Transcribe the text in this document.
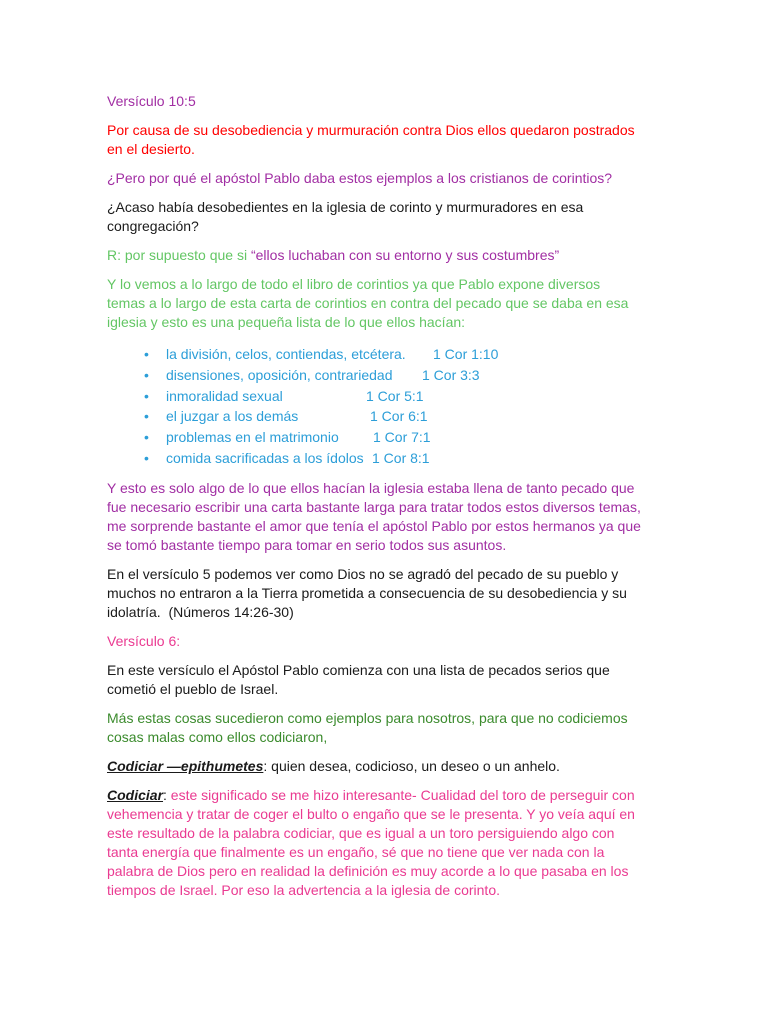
Versículo 10:5
Por causa de su desobediencia y murmuración contra Dios ellos quedaron postrados
en el desierto.
¿Pero por qué el apóstol Pablo daba estos ejemplos a los cristianos de corintios?
¿Acaso había desobedientes en la iglesia de corinto y murmuradores en esa
congregación?
R: por supuesto que si “ellos luchaban con su entorno y sus costumbres”
Y lo vemos a lo largo de todo el libro de corintios ya que Pablo expone diversos
temas a lo largo de esta carta de corintios en contra del pecado que se daba en esa
iglesia y esto es una pequeña lista de lo que ellos hacían:

•

la división, celos, contiendas, etcétera.

1 Cor 1:10

•

disensiones, oposición, contrariedad

1 Cor 3:3

•

inmoralidad sexual

	1 Cor 5:1

•

el juzgar a los demás

	1 Cor 6:1

•

problemas en el matrimonio

1 Cor 7:1

•

comida sacrificadas a los ídolos

1 Cor 8:1

Y esto es solo algo de lo que ellos hacían la iglesia estaba llena de tanto pecado que
fue necesario escribir una carta bastante larga para tratar todos estos diversos temas,
me sorprende bastante el amor que tenía el apóstol Pablo por estos hermanos ya que
se tomó bastante tiempo para tomar en serio todos sus asuntos.
En el versículo 5 podemos ver como Dios no se agradó del pecado de su pueblo y
muchos no entraron a la Tierra prometida a consecuencia de su desobediencia y su
idolatría.  (Números 14:26-30)
Versículo 6:
En este versículo el Apóstol Pablo comienza con una lista de pecados serios que
cometió el pueblo de Israel.
Más estas cosas sucedieron como ejemplos para nosotros, para que no codiciemos
cosas malas como ellos codiciaron,
Codiciar —epithumetes: quien desea, codicioso, un deseo o un anhelo.
Codiciar: este significado se me hizo interesante- Cualidad del toro de perseguir con
vehemencia y tratar de coger el bulto o engaño que se le presenta. Y yo veía aquí en
este resultado de la palabra codiciar, que es igual a un toro persiguiendo algo con
tanta energía que finalmente es un engaño, sé que no tiene que ver nada con la
palabra de Dios pero en realidad la definición es muy acorde a lo que pasaba en los
tiempos de Israel. Por eso la advertencia a la iglesia de corinto.
